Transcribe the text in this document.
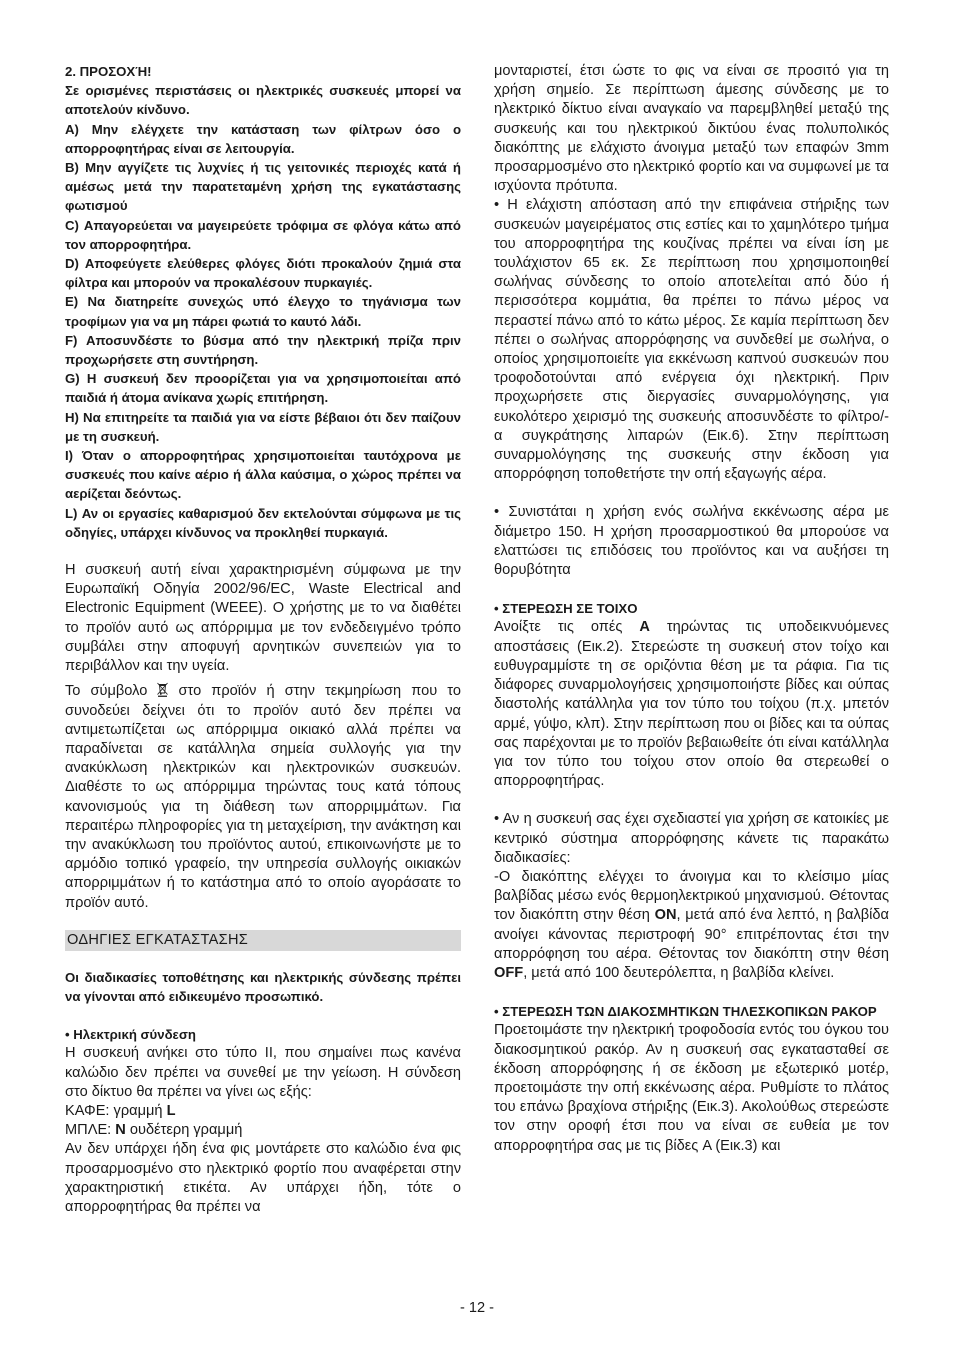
2. ΠΡΟΣΟΧΉ!

Σε ορισμένες περιστάσεις οι ηλεκτρικές συσκευές μπορεί να αποτελούν κίνδυνο.

A) Μην ελέγχετε την κατάσταση των φίλτρων όσο ο απορροφητήρας είναι σε λειτουργία.

B) Μην αγγίζετε τις λυχνίες ή τις γειτονικές περιοχές κατά ή αμέσως μετά την παρατεταμένη χρήση της εγκατάστασης φωτισμού

C) Απαγορεύεται να μαγειρεύετε τρόφιμα σε φλόγα κάτω από τον απορροφητήρα.

D) Αποφεύγετε ελεύθερες φλόγες διότι προκαλούν ζημιά στα φίλτρα και μπορούν να προκαλέσουν πυρκαγιές.

E) Να διατηρείτε συνεχώς υπό έλεγχο το τηγάνισμα των τροφίμων για να μη πάρει φωτιά το καυτό λάδι.

F) Αποσυνδέστε το βύσμα από την ηλεκτρική πρίζα πριν προχωρήσετε στη συντήρηση.

G) Η συσκευή δεν προορίζεται για να χρησιμοποιείται από παιδιά ή άτομα ανίκανα χωρίς επιτήρηση.

H) Να επιτηρείτε τα παιδιά για να είστε βέβαιοι ότι δεν παίζουν με τη συσκευή.

I) Όταν ο απορροφητήρας χρησιμοποιείται ταυτόχρονα με συσκευές που καίνε αέριο ή άλλα καύσιμα, ο χώρος πρέπει να αερίζεται δεόντως.

L) Αν οι εργασίες καθαρισμού δεν εκτελούνται σύμφωνα με τις οδηγίες, υπάρχει κίνδυνος να προκληθεί πυρκαγιά.

Η συσκευή αυτή είναι χαρακτηρισμένη σύμφωνα με την Ευρωπαϊκή Οδηγία 2002/96/EC, Waste Electrical and Electronic Equipment (WEEE). Ο χρήστης με το να διαθέτει το προϊόν αυτό ως απόρριμμα με τον ενδεδειγμένο τρόπο συμβάλει στην αποφυγή αρνητικών συνεπειών για το περιβάλλον και την υγεία.

Το σύμβολο στο προϊόν ή στην τεκμηρίωση που το συνοδεύει δείχνει ότι το προϊόν αυτό δεν πρέπει να αντιμετωπίζεται ως απόρριμμα οικιακό αλλά πρέπει να παραδίνεται σε κατάλληλα σημεία συλλογής για την ανακύκλωση ηλεκτρικών και ηλεκτρονικών συσκευών. Διαθέστε το ως απόρριμμα τηρώντας τους κατά τόπους κανονισμούς για τη διάθεση των απορριμμάτων. Για περαιτέρω πληροφορίες για τη μεταχείριση, την ανάκτηση και την ανακύκλωση του προϊόντος αυτού, επικοινωνήστε με το αρμόδιο τοπικό γραφείο, την υπηρεσία συλλογής οικιακών απορριμμάτων ή το κατάστημα από το οποίο αγοράσατε το προϊόν αυτό.

ΟΔΗΓΙΕΣ ΕΓΚΑΤΑΣΤΑΣΗΣ

Οι διαδικασίες τοποθέτησης και ηλεκτρικής σύνδεσης πρέπει να γίνονται από ειδικευμένο προσωπικό.

• Ηλεκτρική σύνδεση

Η συσκευή ανήκει στο τύπο II, που σημαίνει πως κανένα καλώδιο δεν πρέπει να συνεθεί με την γείωση. Η σύνδεση στο δίκτυο θα πρέπει να γίνει ως εξής:

ΚΑΦΕ: γραμμή L

ΜΠΛΕ: N ουδέτερη γραμμή

Αν δεν υπάρχει ήδη ένα φις μοντάρετε στο καλώδιο ένα φις προσαρμοσμένο στο ηλεκτρικό φορτίο που αναφέρεται στην χαρακτηριστική ετικέτα. Αν υπάρχει ήδη, τότε ο απορροφητήρας θα πρέπει να

μονταριστεί, έτσι ώστε το φις να είναι σε προσιτό για τη χρήση σημείο. Σε περίπτωση άμεσης σύνδεσης με το ηλεκτρικό δίκτυο είναι αναγκαίο να παρεμβληθεί μεταξύ της συσκευής και του ηλεκτρικού δικτύου ένας πολυπολικός διακόπτης με ελάχιστο άνοιγμα μεταξύ των επαφών 3mm προσαρμοσμένο στο ηλεκτρικό φορτίο και να συμφωνεί με τα ισχύοντα πρότυπα.

• Η ελάχιστη απόσταση από την επιφάνεια στήριξης των συσκευών μαγειρέματος στις εστίες και το χαμηλότερο τμήμα του απορροφητήρα της κουζίνας πρέπει να είναι ίση με τουλάχιστον 65 εκ. Σε περίπτωση που χρησιμοποιηθεί σωλήνας σύνδεσης το οποίο αποτελείται από δύο ή περισσότερα κομμάτια, θα πρέπει το πάνω μέρος να περαστεί πάνω από το κάτω μέρος. Σε καμία περίπτωση δεν πέπει ο σωλήνας απορρόφησης να συνδεθεί με σωλήνα, ο οποίος χρησιμοποιείτε για εκκένωση καπνού συσκευών που τροφοδοτούνται από ενέργεια όχι ηλεκτρική. Πριν προχωρήσετε στις διεργασίες συναρμολόγησης, για ευκολότερο χειρισμό της συσκευής αποσυνδέστε το φίλτρο/-α συγκράτησης λιπαρών (Εικ.6). Στην περίπτωση συναρμολόγησης της συσκευής στην έκδοση για απορρόφηση τοποθετήστε την οπή εξαγωγής αέρα.

• Συνιστάται η χρήση ενός σωλήνα εκκένωσης αέρα με διάμετρο 150. Η χρήση προσαρμοστικού θα μπορούσε να ελαττώσει τις επιδόσεις του προϊόντος και να αυξήσει τη θορυβότητα

• ΣΤΕΡΕΩΣΗ ΣΕ ΤΟΙΧΟ

Ανοίξτε τις οπές A τηρώντας τις υποδεικνυόμενες αποστάσεις (Εικ.2). Στερεώστε τη συσκευή στον τοίχο και ευθυγραμμίστε τη σε οριζόντια θέση με τα ράφια. Για τις διάφορες συναρμολογήσεις χρησιμοποιήστε βίδες και ούπας διαστολής κατάλληλα για τον τύπο του τοίχου (π.χ. μπετόν αρμέ, γύψο, κλπ). Στην περίπτωση που οι βίδες και τα ούπας σας παρέχονται με το προϊόν βεβαιωθείτε ότι είναι κατάλληλα για τον τύπο του τοίχου στον οποίο θα στερεωθεί ο απορροφητήρας.

• Αν η συσκευή σας έχει σχεδιαστεί για χρήση σε κατοικίες με κεντρικό σύστημα απορρόφησης κάνετε τις παρακάτω διαδικασίες:

-Ο διακόπτης ελέγχει το άνοιγμα και το κλείσιμο μίας βαλβίδας μέσω ενός θερμοηλεκτρικού μηχανισμού. Θέτοντας τον διακόπτη στην θέση ON, μετά από ένα λεπτό, η βαλβίδα ανοίγει κάνοντας περιστροφή 90° επιτρέποντας έτσι την απορρόφηση του αέρα. Θέτοντας τον διακόπτη στην θέση OFF, μετά από 100 δευτερόλεπτα, η βαλβίδα κλείνει.

• ΣΤΕΡΕΩΣΗ ΤΩΝ ΔΙΑΚΟΣΜΗΤΙΚΩΝ ΤΗΛΕΣΚΟΠΙΚΩΝ ΡΑΚΟΡ

Προετοιμάστε την ηλεκτρική τροφοδοσία εντός του όγκου του διακοσμητικού ρακόρ. Αν η συσκευή σας εγκατασταθεί σε έκδοση απορρόφησης ή σε έκδοση με εξωτερικό μοτέρ, προετοιμάστε την οπή εκκένωσης αέρα. Ρυθμίστε το πλάτος του επάνω βραχίονα στήριξης (Εικ.3). Ακολούθως στερεώστε τον στην οροφή έτσι που να είναι σε ευθεία με τον απορροφητήρα σας με τις βίδες A (Εικ.3) και

- 12 -
